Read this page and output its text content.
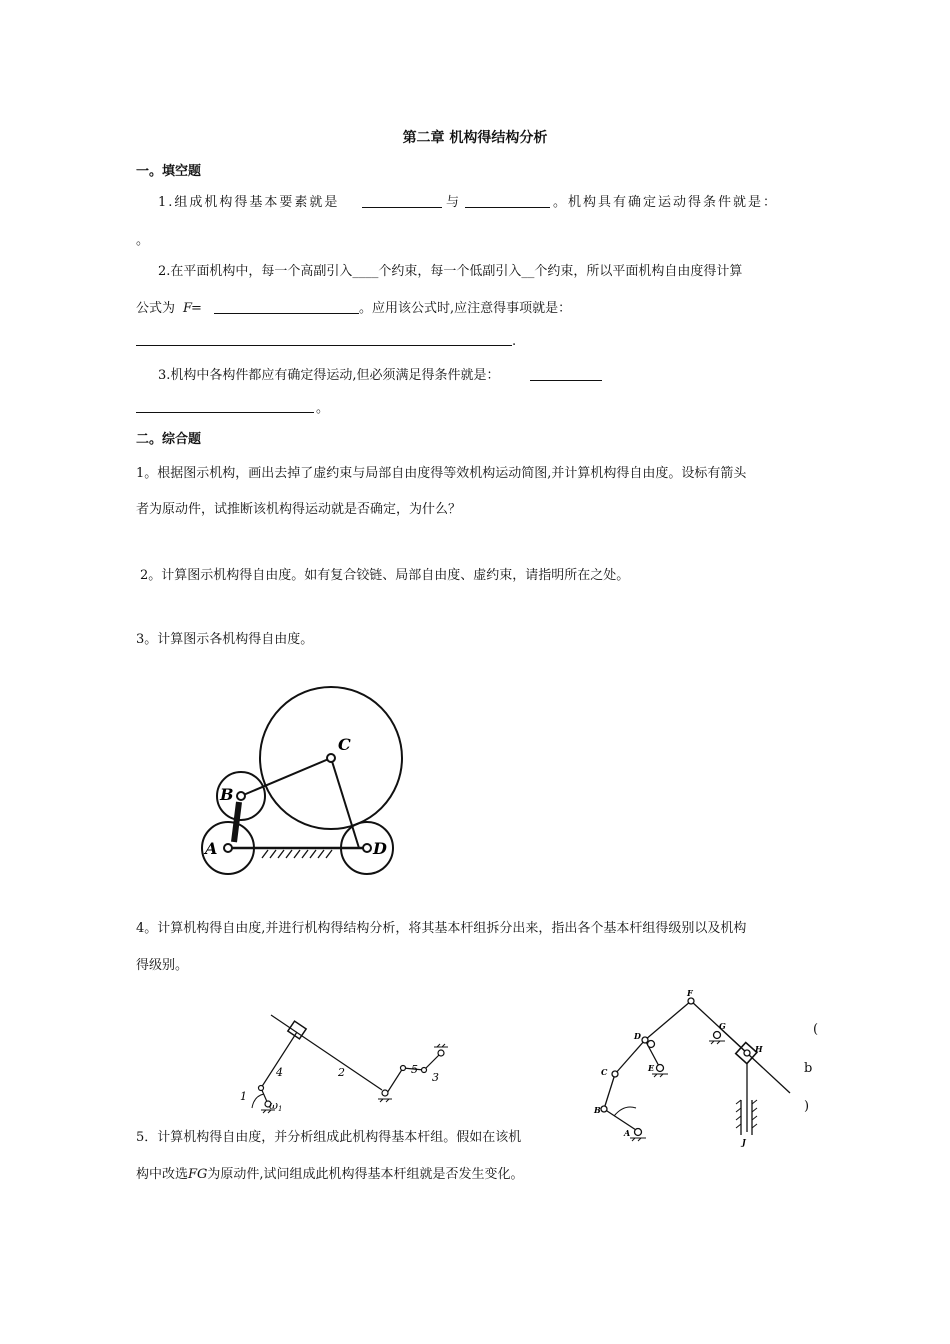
第二章 机构得结构分析
一。填空题
1.组成机构得基本要素就是	与	。机构具有确定运动得条件就是：
。
2.在平面机构中，每一个高副引入____个约束，每一个低副引入__个约束，所以平面机构自由度得计算
公式为 F
=	。应用该公式时,应注意得事项就是：
.
3.机构中各构件都应有确定得运动,但必须满足得条件就是：
。
二。综合题
1。根据图示机构，画出去掉了虚约束与局部自由度得等效机构运动简图,并计算机构得自由度。设标有箭头
者为原动件，试推断该机构得运动就是否确定，为什么？
2。计算图示机构得自由度。如有复合铰链、局部自由度、虚约束，请指明所在之处。
3。计算图示各机构得自由度。
A
B
C
D
4。计算机构得自由度,并进行机构得结构分析，将其基本杆组拆分出来，指出各个基本杆组得级别以及机构
得级别。
1
4	2	5
3
ω1
A
B
C
D
E
F
G
H
J
(
b
)
5．计算机构得自由度，并分析组成此机构得基本杆组。假如在该机
构中改选FG为原动件,试问组成此机构得基本杆组就是否发生变化。
